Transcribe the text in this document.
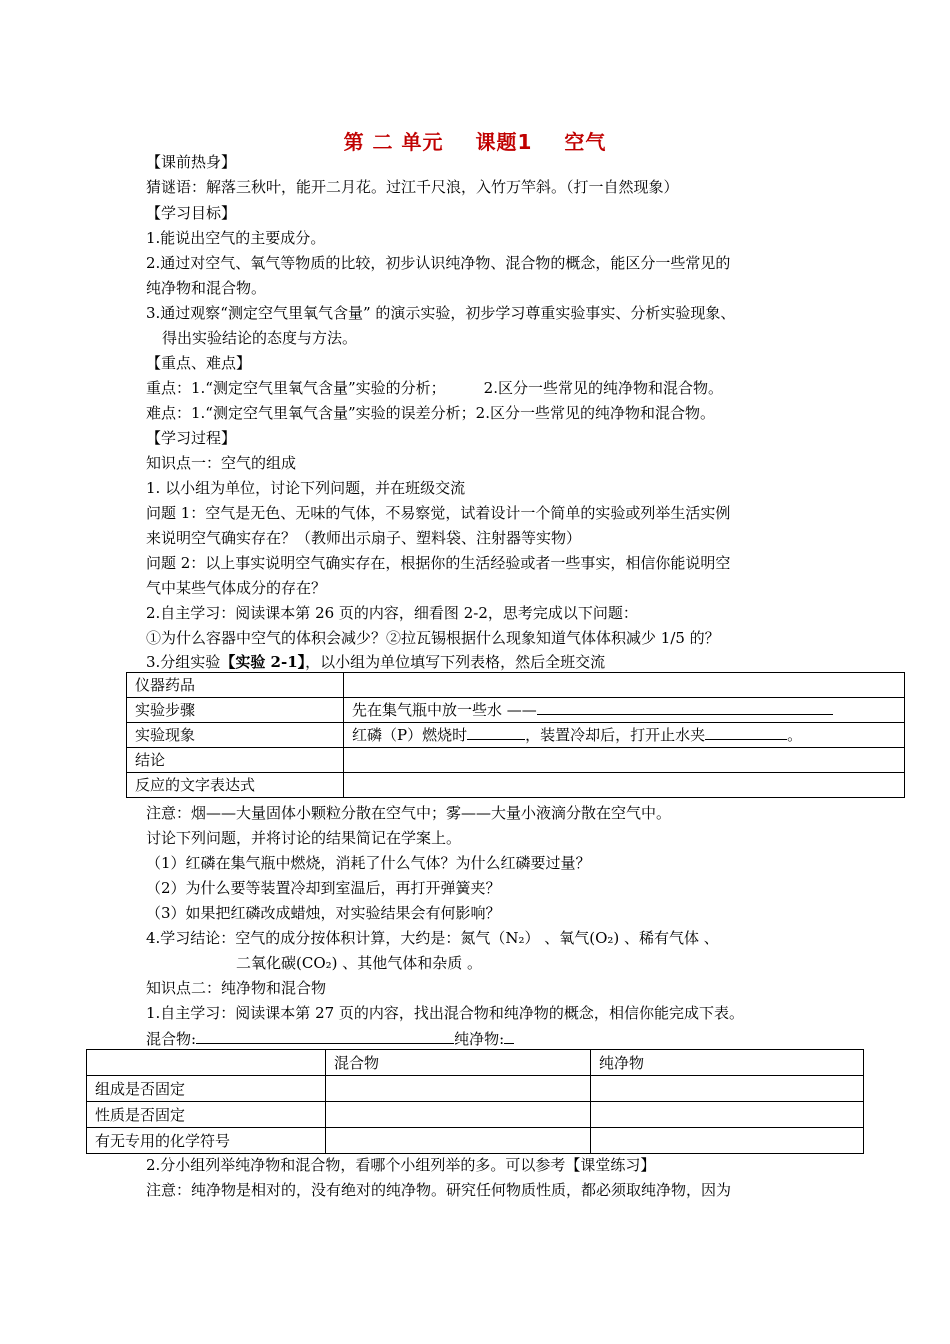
第 二 单元 课题1 空气
【课前热身】
猜谜语：解落三秋叶，能开二月花。过江千尺浪，入竹万竿斜。（打一自然现象）
【学习目标】
1.能说出空气的主要成分。
2.通过对空气、氧气等物质的比较，初步认识纯净物、混合物的概念，能区分一些常见的
纯净物和混合物。
3.通过观察“测定空气里氧气含量” 的演示实验，初步学习尊重实验事实、分析实验现象、
得出实验结论的态度与方法。
【重点、难点】
重点：1.“测定空气里氧气含量”实验的分析；	2.区分一些常见的纯净物和混合物。
难点：1.“测定空气里氧气含量”实验的误差分析；2.区分一些常见的纯净物和混合物。
【学习过程】
知识点一：空气的组成
1. 以小组为单位，讨论下列问题，并在班级交流
问题 1：空气是无色、无味的气体，不易察觉，试着设计一个简单的实验或列举生活实例
来说明空气确实存在？（教师出示扇子、塑料袋、注射器等实物）
问题 2：以上事实说明空气确实存在，根据你的生活经验或者一些事实，相信你能说明空
气中某些气体成分的存在？
2.自主学习：阅读课本第 26 页的内容，细看图 2-2，思考完成以下问题：
①为什么容器中空气的体积会减少？②拉瓦锡根据什么现象知道气体体积减少 1/5 的？
3.分组实验【实验 2-1】，以小组为单位填写下列表格，然后全班交流
仪器药品	
实验步骤	先在集气瓶中放一些水 ——
实验现象	红磷（P）燃烧时 ，装置冷却后，打开止水夹 。
结论	
反应的文字表达式	
注意：烟——大量固体小颗粒分散在空气中；雾——大量小液滴分散在空气中。
讨论下列问题，并将讨论的结果简记在学案上。
（1）红磷在集气瓶中燃烧，消耗了什么气体？为什么红磷要过量？
（2）为什么要等装置冷却到室温后，再打开弹簧夹？
（3）如果把红磷改成蜡烛，对实验结果会有何影响？
4.学习结论：空气的成分按体积计算，大约是：氮气（N₂） 、氧气(O₂) 、稀有气体 、
二氧化碳(CO₂) 、其他气体和杂质 。
知识点二：纯净物和混合物
1.自主学习：阅读课本第 27 页的内容，找出混合物和纯净物的概念，相信你能完成下表。
混合物:	纯净物:
	混合物	纯净物
组成是否固定		
性质是否固定		
有无专用的化学符号		
2.分小组列举纯净物和混合物，看哪个小组列举的多。可以参考【课堂练习】
注意：纯净物是相对的，没有绝对的纯净物。研究任何物质性质，都必须取纯净物，因为
